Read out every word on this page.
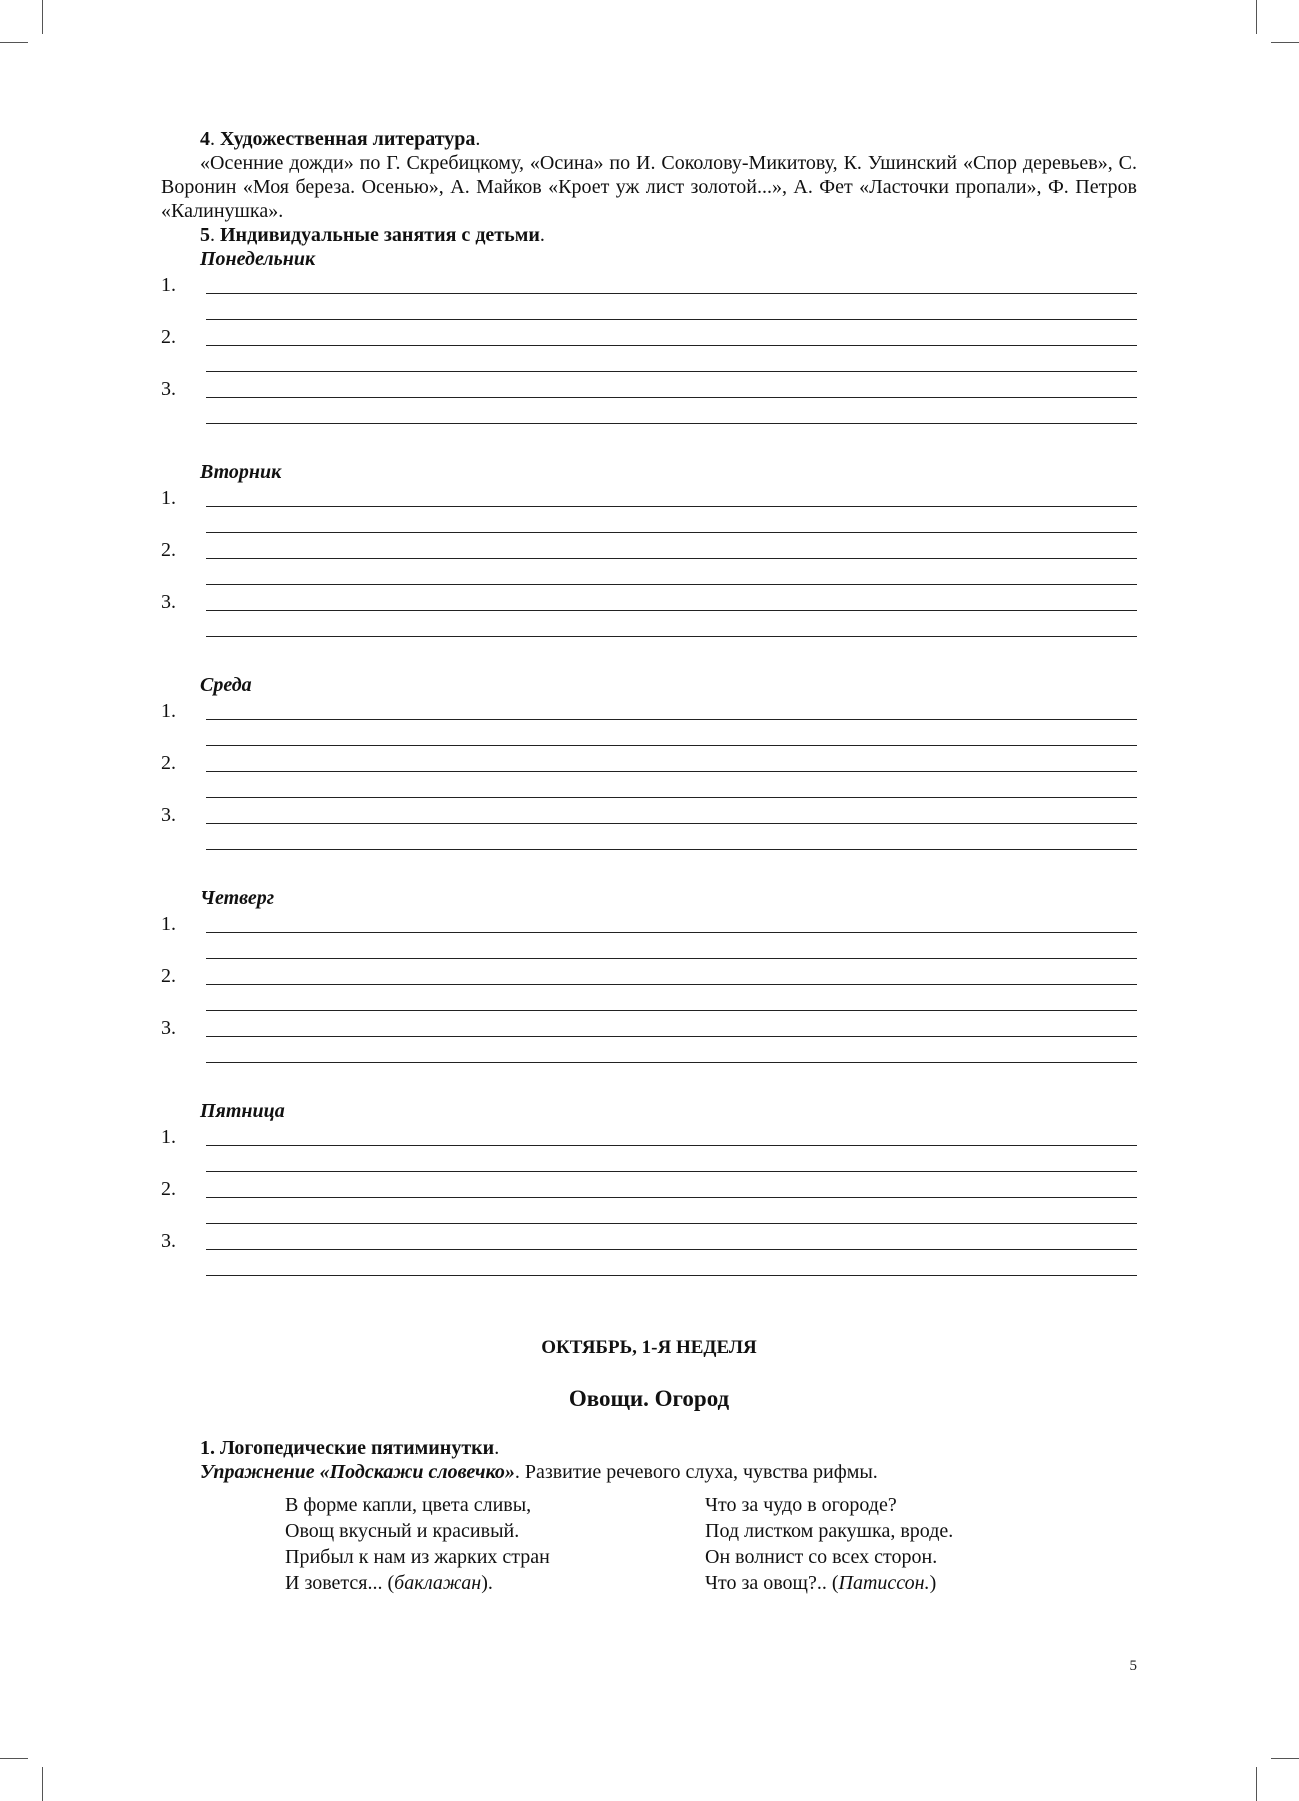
4. Художественная литература.

«Осенние дожди» по Г. Скребицкому, «Осина» по И. Соколову-Микитову, К. Ушинский «Спор деревьев», С. Воронин «Моя береза. Осенью», А. Майков «Кроет уж лист золотой...», А. Фет «Ласточки пропали», Ф. Петров «Калинушка».

5. Индивидуальные занятия с детьми.

Понедельник

1.
2.
3.

Вторник

1.
2.
3.

Среда

1.
2.
3.

Четверг

1.
2.
3.

Пятница

1.
2.
3.

ОКТЯБРЬ, 1-Я НЕДЕЛЯ

Овощи. Огород

1. Логопедические пятиминутки.

Упражнение «Подскажи словечко». Развитие речевого слуха, чувства рифмы.

В форме капли, цвета сливы,

Овощ вкусный и красивый.

Прибыл к нам из жарких стран

И зовется... (баклажан).

Что за чудо в огороде?

Под листком ракушка, вроде.

Он волнист со всех сторон.

Что за овощ?.. (Патиссон.)

5
